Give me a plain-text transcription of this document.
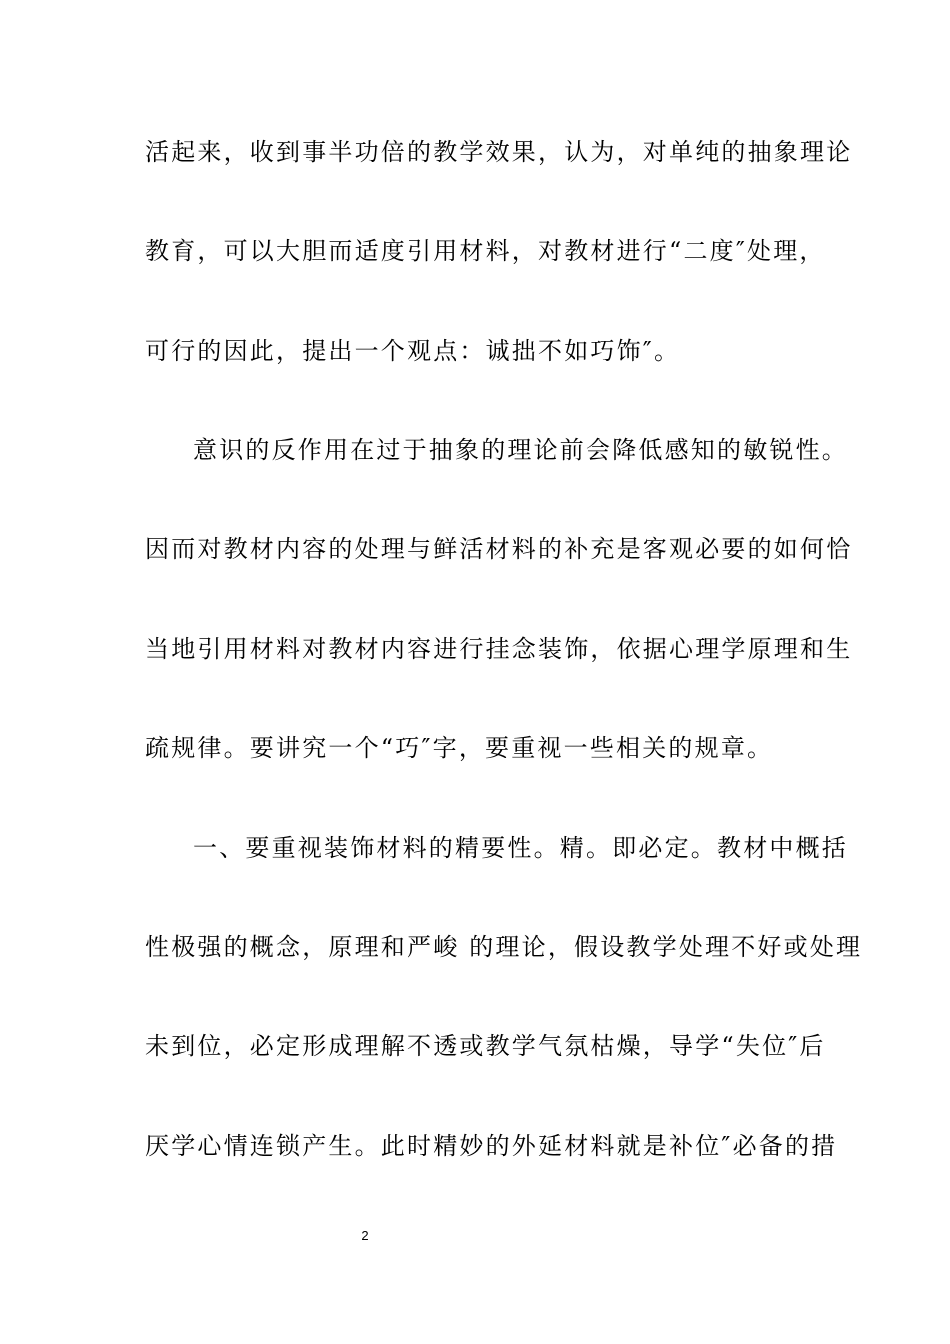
活起来，收到事半功倍的教学效果，认为，对单纯的抽象理论
教育，可以大胆而适度引用材料，对教材进行“二度″处理，
可行的因此，提出一个观点：诚拙不如巧饰″。
意识的反作用在过于抽象的理论前会降低感知的敏锐性。
因而对教材内容的处理与鲜活材料的补充是客观必要的如何恰
当地引用材料对教材内容进行挂念装饰，依据心理学原理和生
疏规律。要讲究一个“巧″字，要重视一些相关的规章。
一、要重视装饰材料的精要性。精。即必定。教材中概括
性极强的概念，原理和严峻 的理论，假设教学处理不好或处理
未到位，必定形成理解不透或教学气氛枯燥，导学“失位″后
厌学心情连锁产生。此时精妙的外延材料就是补位″必备的措
2
